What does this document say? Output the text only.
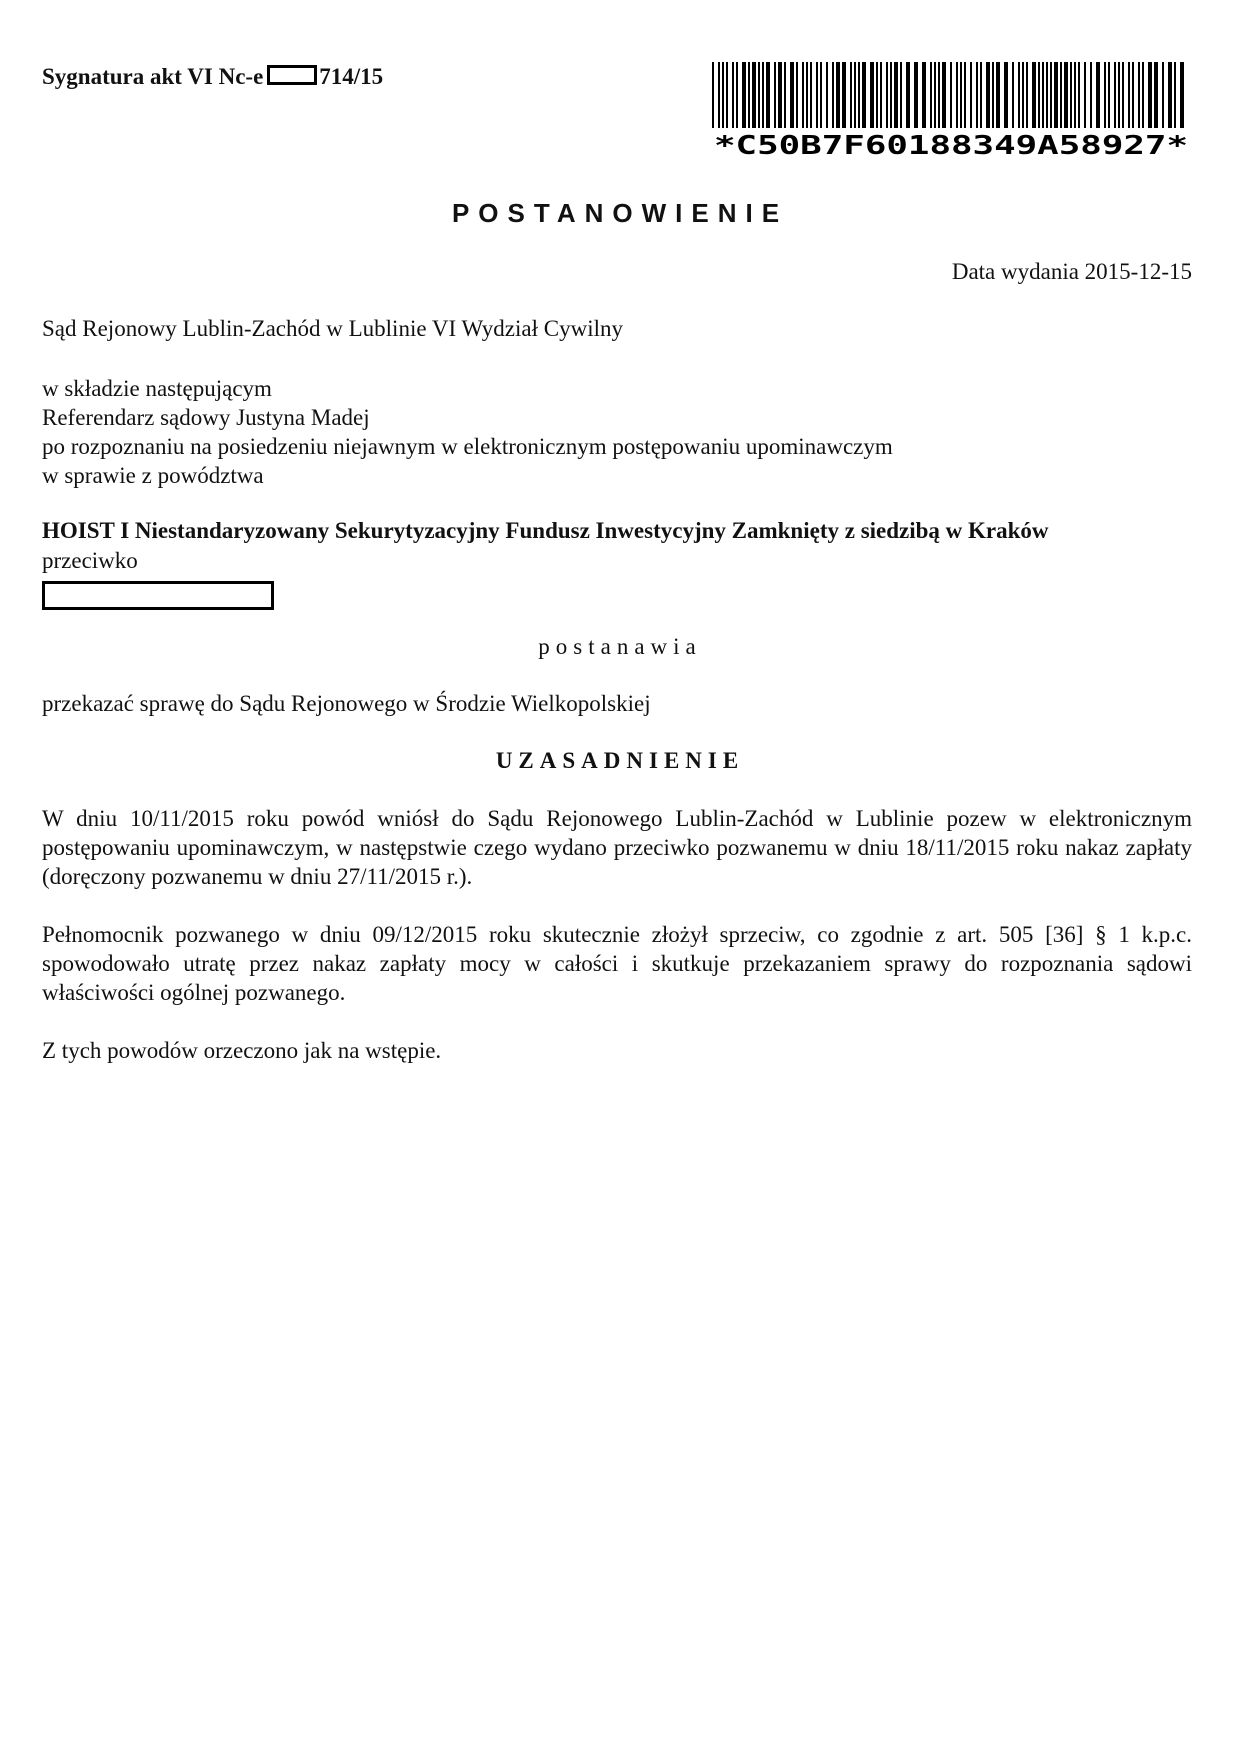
Sygnatura akt VI Nc-e 714/15
*C50B7F60188349A58927*
POSTANOWIENIE
Data wydania 2015-12-15
Sąd Rejonowy Lublin-Zachód w Lublinie VI Wydział Cywilny
w składzie następującym
Referendarz sądowy Justyna Madej
po rozpoznaniu na posiedzeniu niejawnym w elektronicznym postępowaniu upominawczym
w sprawie z powództwa
HOIST I Niestandaryzowany Sekurytyzacyjny Fundusz Inwestycyjny Zamknięty z siedzibą w Kraków
przeciwko
postanawia
przekazać sprawę do Sądu Rejonowego w Środzie Wielkopolskiej
UZASADNIENIE
W dniu 10/11/2015 roku powód wniósł do Sądu Rejonowego Lublin-Zachód w Lublinie pozew w elektronicznym postępowaniu upominawczym, w następstwie czego wydano przeciwko pozwanemu w dniu 18/11/2015 roku nakaz zapłaty (doręczony pozwanemu w dniu 27/11/2015 r.).
Pełnomocnik pozwanego w dniu 09/12/2015 roku skutecznie złożył sprzeciw, co zgodnie z art. 505 [36] § 1 k.p.c. spowodowało utratę przez nakaz zapłaty mocy w całości i skutkuje przekazaniem sprawy do rozpoznania sądowi właściwości ogólnej pozwanego.
Z tych powodów orzeczono jak na wstępie.
